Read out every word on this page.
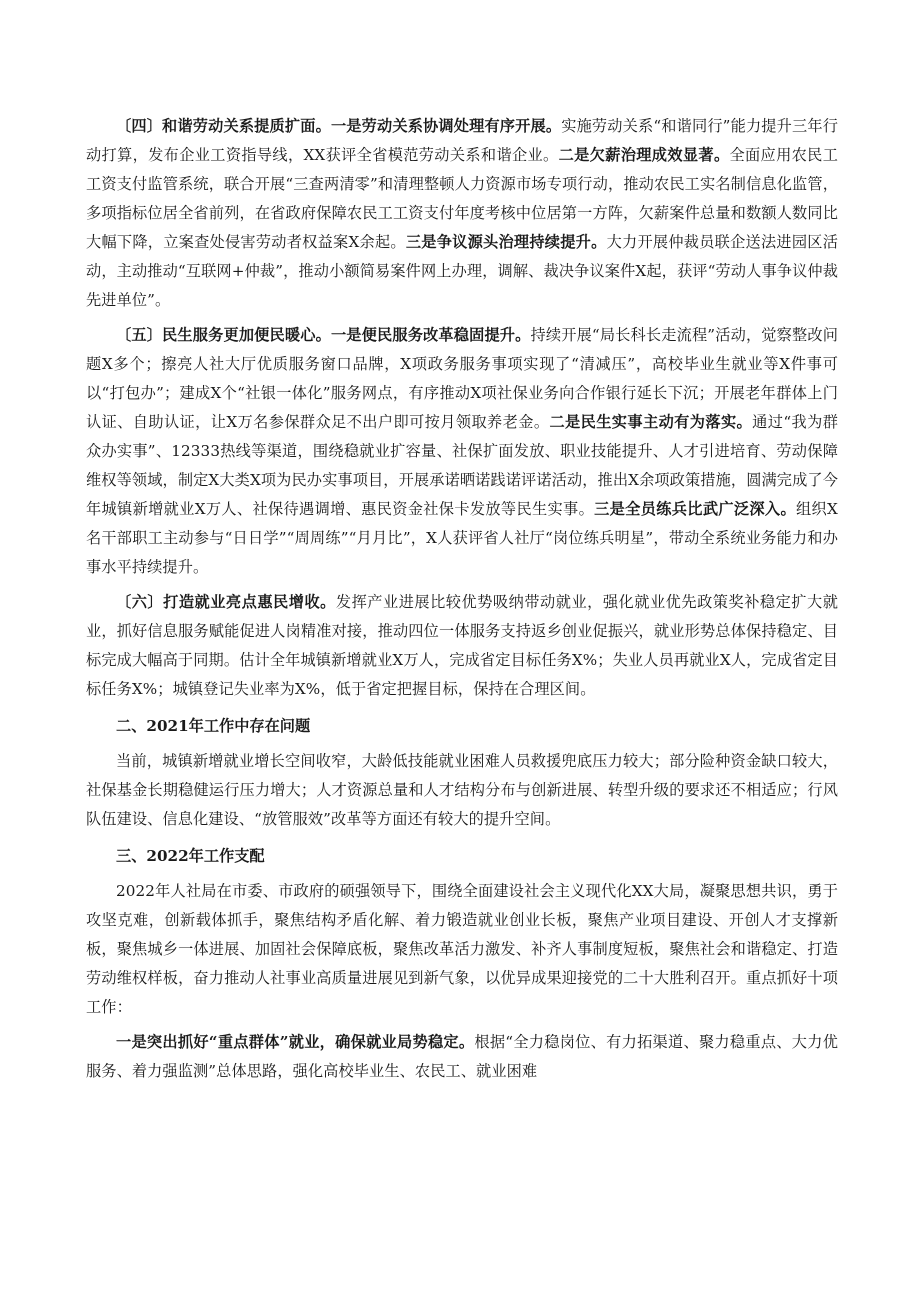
〔四〕和谐劳动关系提质扩面。一是劳动关系协调处理有序开展。实施劳动关系“和谐同行”能力提升三年行动打算，发布企业工资指导线，XX获评全省模范劳动关系和谐企业。二是欠薪治理成效显著。全面应用农民工工资支付监管系统，联合开展“三查两清零”和清理整顿人力资源市场专项行动，推动农民工实名制信息化监管，多项指标位居全省前列，在省政府保障农民工工资支付年度考核中位居第一方阵，欠薪案件总量和数额人数同比大幅下降，立案查处侵害劳动者权益案X余起。三是争议源头治理持续提升。大力开展仲裁员联企送法进园区活动，主动推动“互联网+仲裁”，推动小额简易案件网上办理，调解、裁决争议案件X起，获评“劳动人事争议仲裁先进单位”。

〔五〕民生服务更加便民暖心。一是便民服务改革稳固提升。持续开展“局长科长走流程”活动，觉察整改问题X多个；擦亮人社大厅优质服务窗口品牌，X项政务服务事项实现了“清减压”，高校毕业生就业等X件事可以“打包办”；建成X个“社银一体化”服务网点，有序推动X项社保业务向合作银行延长下沉；开展老年群体上门认证、自助认证，让X万名参保群众足不出户即可按月领取养老金。二是民生实事主动有为落实。通过“我为群众办实事”、12333热线等渠道，围绕稳就业扩容量、社保扩面发放、职业技能提升、人才引进培育、劳动保障维权等领域，制定X大类X项为民办实事项目，开展承诺晒诺践诺评诺活动，推出X余项政策措施，圆满完成了今年城镇新增就业X万人、社保待遇调增、惠民资金社保卡发放等民生实事。三是全员练兵比武广泛深入。组织X名干部职工主动参与“日日学”“周周练”“月月比”，X人获评省人社厅“岗位练兵明星”，带动全系统业务能力和办事水平持续提升。

〔六〕打造就业亮点惠民增收。发挥产业进展比较优势吸纳带动就业，强化就业优先政策奖补稳定扩大就业，抓好信息服务赋能促进人岗精准对接，推动四位一体服务支持返乡创业促振兴，就业形势总体保持稳定、目标完成大幅高于同期。估计全年城镇新增就业X万人，完成省定目标任务X%；失业人员再就业X人，完成省定目标任务X%；城镇登记失业率为X%，低于省定把握目标，保持在合理区间。

二、2021年工作中存在问题

当前，城镇新增就业增长空间收窄，大龄低技能就业困难人员救援兜底压力较大；部分险种资金缺口较大，社保基金长期稳健运行压力增大；人才资源总量和人才结构分布与创新进展、转型升级的要求还不相适应；行风队伍建设、信息化建设、“放管服效”改革等方面还有较大的提升空间。

三、2022年工作支配

2022年人社局在市委、市政府的硕强领导下，围绕全面建设社会主义现代化XX大局，凝聚思想共识，勇于攻坚克难，创新载体抓手，聚焦结构矛盾化解、着力锻造就业创业长板，聚焦产业项目建设、开创人才支撑新板，聚焦城乡一体进展、加固社会保障底板，聚焦改革活力激发、补齐人事制度短板，聚焦社会和谐稳定、打造劳动维权样板，奋力推动人社事业高质量进展见到新气象，以优异成果迎接党的二十大胜利召开。重点抓好十项工作：

一是突出抓好“重点群体”就业，确保就业局势稳定。根据“全力稳岗位、有力拓渠道、聚力稳重点、大力优服务、着力强监测”总体思路，强化高校毕业生、农民工、就业困难
